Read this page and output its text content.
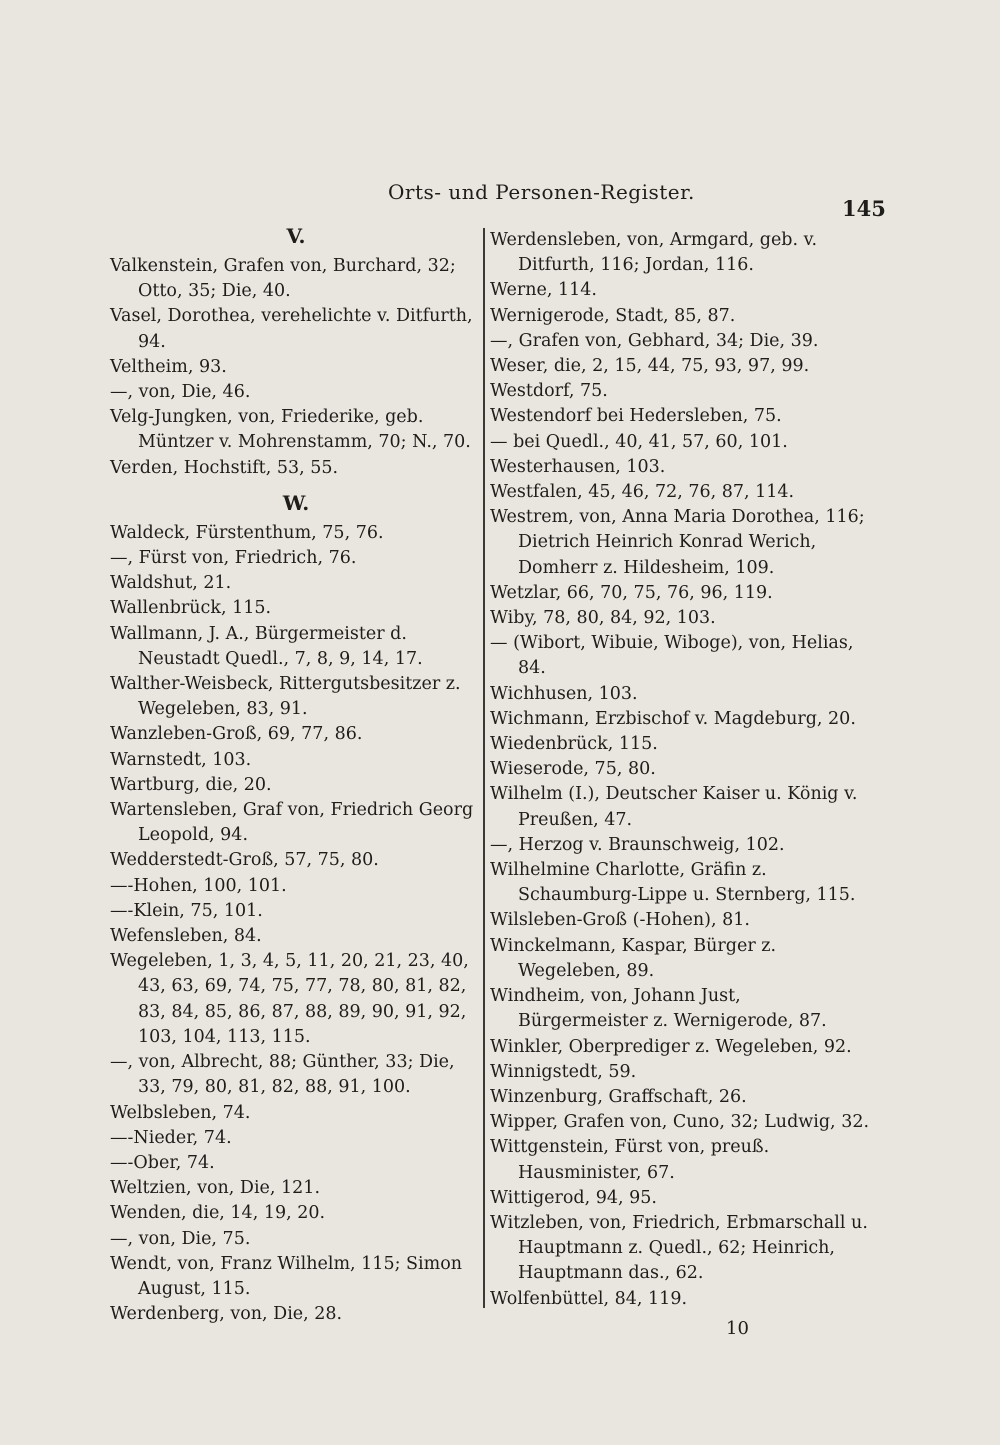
Orts- und Personen-Register.
145
V.

Valkenstein, Grafen von, Burchard, 32; Otto, 35; Die, 40.

Vasel, Dorothea, verehelichte v. Ditfurth, 94.

Veltheim, 93.

—, von, Die, 46.

Velg-Jungken, von, Friederike, geb. Müntzer v. Mohrenstamm, 70; N., 70.

Verden, Hochstift, 53, 55.

W.

Waldeck, Fürstenthum, 75, 76.

—, Fürst von, Friedrich, 76.

Waldshut, 21.

Wallenbrück, 115.

Wallmann, J. A., Bürgermeister d. Neustadt Quedl., 7, 8, 9, 14, 17.

Walther-Weisbeck, Rittergutsbesitzer z. Wegeleben, 83, 91.

Wanzleben-Groß, 69, 77, 86.

Warnstedt, 103.

Wartburg, die, 20.

Wartensleben, Graf von, Friedrich Georg Leopold, 94.

Wedderstedt-Groß, 57, 75, 80.

—-Hohen, 100, 101.

—-Klein, 75, 101.

Wefensleben, 84.

Wegeleben, 1, 3, 4, 5, 11, 20, 21, 23, 40, 43, 63, 69, 74, 75, 77, 78, 80, 81, 82, 83, 84, 85, 86, 87, 88, 89, 90, 91, 92, 103, 104, 113, 115.

—, von, Albrecht, 88; Günther, 33; Die, 33, 79, 80, 81, 82, 88, 91, 100.

Welbsleben, 74.

—-Nieder, 74.

—-Ober, 74.

Weltzien, von, Die, 121.

Wenden, die, 14, 19, 20.

—, von, Die, 75.

Wendt, von, Franz Wilhelm, 115; Simon August, 115.

Werdenberg, von, Die, 28.

Werdensleben, von, Armgard, geb. v. Ditfurth, 116; Jordan, 116.

Werne, 114.

Wernigerode, Stadt, 85, 87.

—, Grafen von, Gebhard, 34; Die, 39.

Weser, die, 2, 15, 44, 75, 93, 97, 99.

Westdorf, 75.

Westendorf bei Hedersleben, 75.

— bei Quedl., 40, 41, 57, 60, 101.

Westerhausen, 103.

Westfalen, 45, 46, 72, 76, 87, 114.

Westrem, von, Anna Maria Dorothea, 116; Dietrich Heinrich Konrad Werich, Domherr z. Hildesheim, 109.

Wetzlar, 66, 70, 75, 76, 96, 119.

Wiby, 78, 80, 84, 92, 103.

— (Wibort, Wibuie, Wiboge), von, Helias, 84.

Wichhusen, 103.

Wichmann, Erzbischof v. Magdeburg, 20.

Wiedenbrück, 115.

Wieserode, 75, 80.

Wilhelm (I.), Deutscher Kaiser u. König v. Preußen, 47.

—, Herzog v. Braunschweig, 102.

Wilhelmine Charlotte, Gräfin z. Schaumburg-Lippe u. Sternberg, 115.

Wilsleben-Groß (-Hohen), 81.

Winckelmann, Kaspar, Bürger z. Wegeleben, 89.

Windheim, von, Johann Just, Bürgermeister z. Wernigerode, 87.

Winkler, Oberprediger z. Wegeleben, 92.

Winnigstedt, 59.

Winzenburg, Graffschaft, 26.

Wipper, Grafen von, Cuno, 32; Ludwig, 32.

Wittgenstein, Fürst von, preuß. Hausminister, 67.

Wittigerod, 94, 95.

Witzleben, von, Friedrich, Erbmarschall u. Hauptmann z. Quedl., 62; Heinrich, Hauptmann das., 62.

Wolfenbüttel, 84, 119.

10
